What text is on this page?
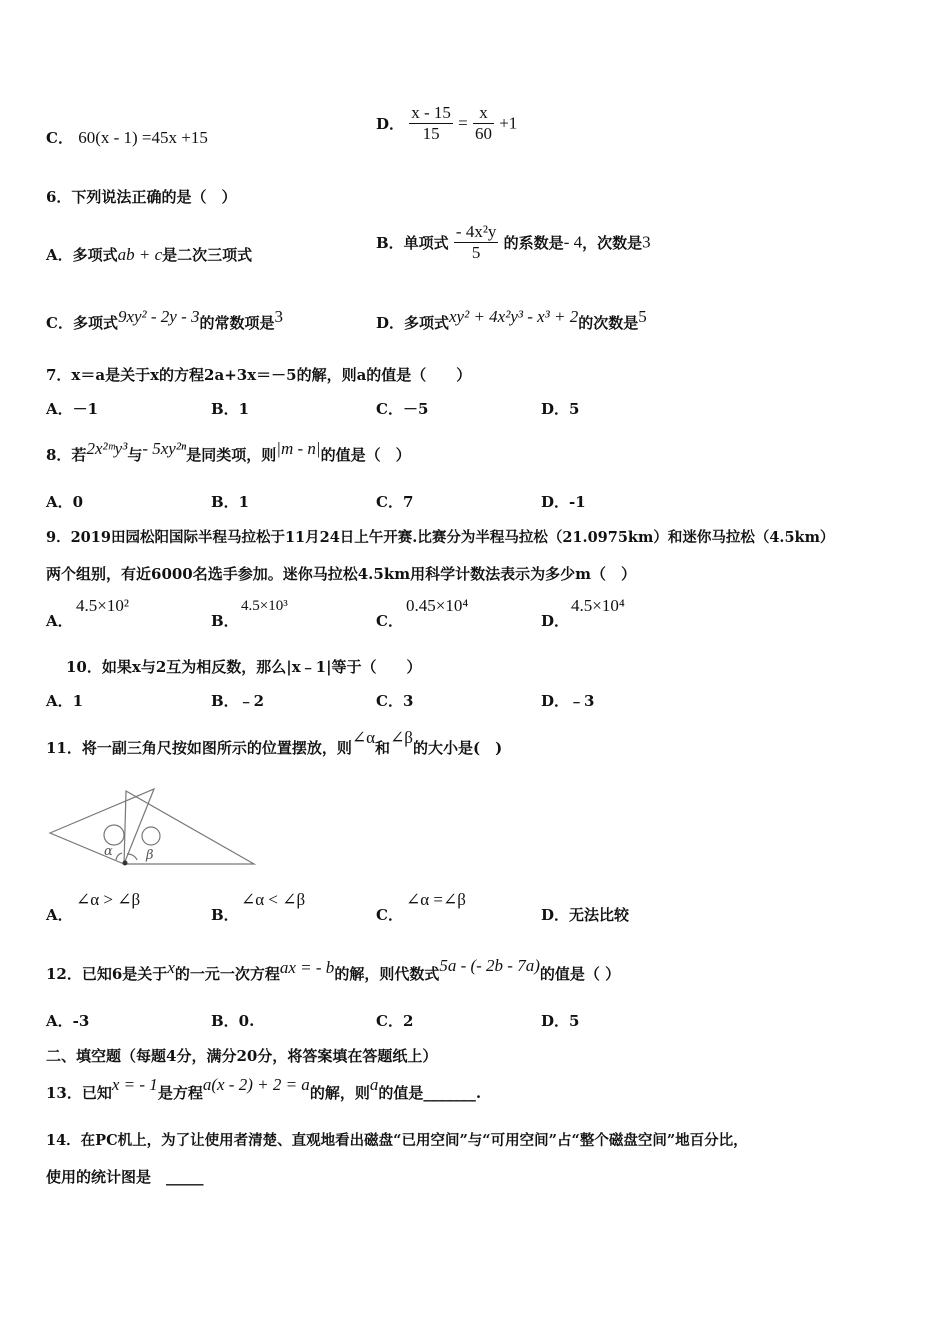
C． 60(x - 1) =45x +15
D． $\frac{x - 15}{15} = \frac{x}{60} +1$
6．下列说法正确的是（　）
A．多项式ab + c是二次三项式
B．单项式 $\frac{\text{- 4x²y}}{5}$ 的系数是- 4，次数是3
C．多项式9xy² - 2y - 3的常数项是3	D．多项式xy² + 4x²y³ - x³ + 2的次数是5
7．x＝a是关于x的方程2a+3x＝－5的解，则a的值是（　　）
A．－1	B．1	C．－5	D．5
8．若2x²ᵐy³与- 5xy²ⁿ是同类项，则|m - n|的值是（　）
A．0	B．1	C．7	D．-1
9．2019田园松阳国际半程马拉松于11月24日上午开赛.比赛分为半程马拉松（21.0975km）和迷你马拉松（4.5km）
两个组别，有近6000名选手参加。迷你马拉松4.5km用科学计数法表示为多少m（　）
A．
4.5×10²
B．
4.5×10³
C．
0.45×10⁴
D．
4.5×10⁴
10．如果x与2互为相反数，那么|x﹣1|等于（　　）
A．1	B．﹣2	C．3	D．﹣3
11．将一副三角尺按如图所示的位置摆放，则∠α和∠β的大小是(　)
α	β
A．
∠α > ∠β
B．
∠α < ∠β
C．
∠α =∠β
D．无法比较
12．已知6是关于x的一元一次方程ax = - b的解，则代数式5a - (- 2b - 7a)的值是（ ）
A．-3	B．0.	C．2	D．5
二、填空题（每题4分，满分20分，将答案填在答题纸上）
13．已知x = - 1是方程a(x - 2) + 2 = a的解，则a的值是_______.
14．在PC机上，为了让使用者清楚、直观地看出磁盘“已用空间”与“可用空间”占“整个磁盘空间”地百分比，
使用的统计图是　_____
